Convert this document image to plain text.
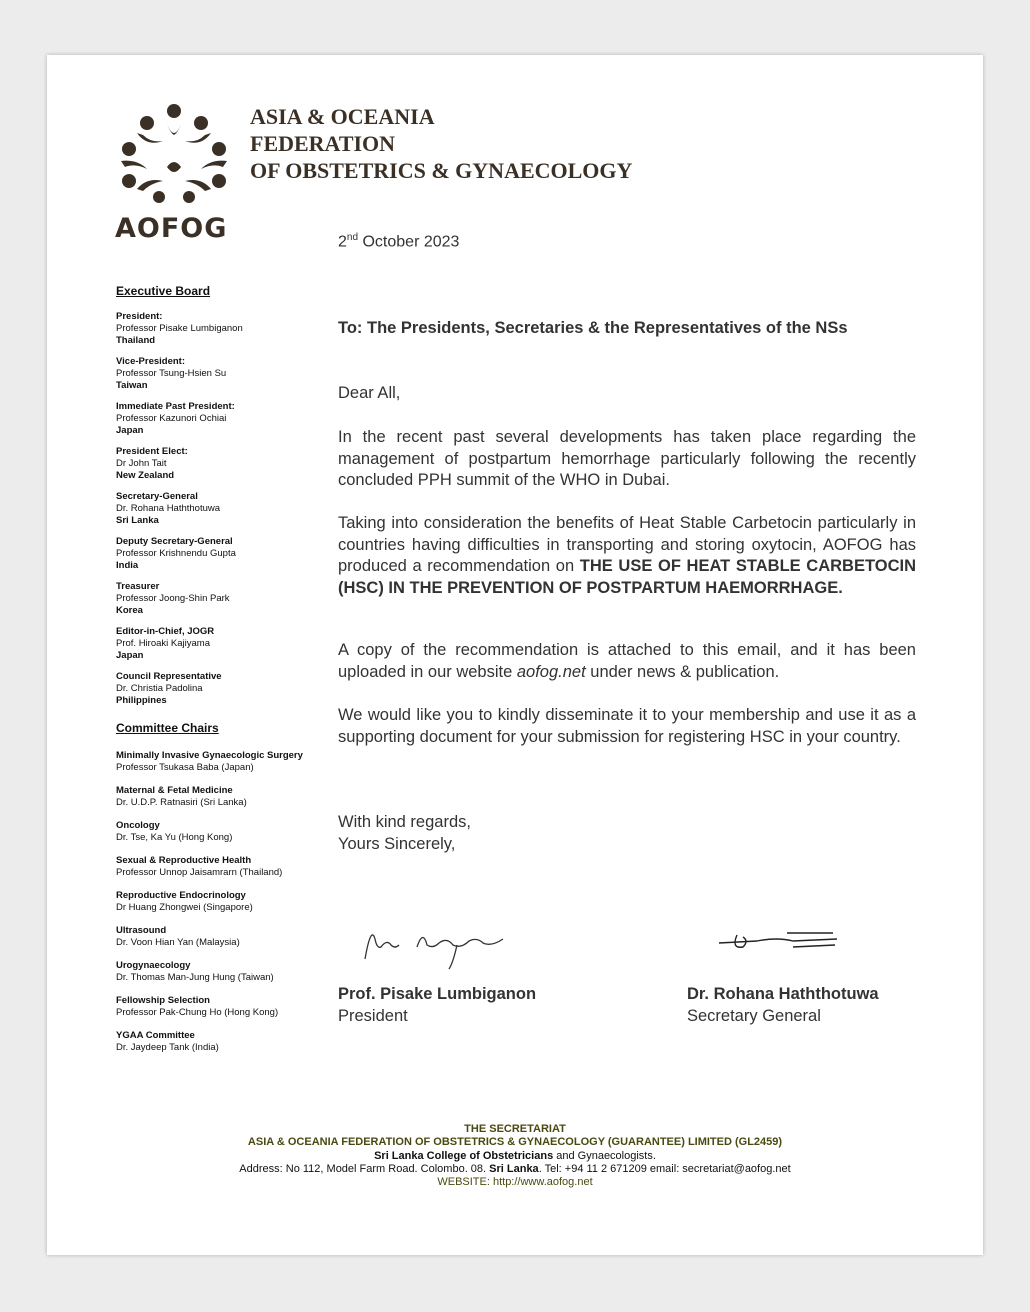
AOFOG
ASIA & OCEANIA
FEDERATION
OF OBSTETRICS & GYNAECOLOGY
2nd October 2023
Executive Board
President:
Professor Pisake Lumbiganon
Thailand
Vice-President:
Professor Tsung-Hsien Su
Taiwan
Immediate Past President:
Professor Kazunori Ochiai
Japan
President Elect:
Dr John Tait
New Zealand
Secretary-General
Dr. Rohana Haththotuwa
Sri Lanka
Deputy Secretary-General
Professor Krishnendu Gupta
India
Treasurer
Professor Joong-Shin Park
Korea
Editor-in-Chief, JOGR
Prof. Hiroaki Kajiyama
Japan
Council Representative
Dr. Christia Padolina
Philippines
Committee Chairs
Minimally Invasive Gynaecologic Surgery
Professor Tsukasa Baba (Japan)
Maternal & Fetal Medicine
Dr. U.D.P. Ratnasiri (Sri Lanka)
Oncology
Dr. Tse, Ka Yu (Hong Kong)
Sexual & Reproductive Health
Professor Unnop Jaisamrarn (Thailand)
Reproductive Endocrinology
Dr Huang Zhongwei (Singapore)
Ultrasound
Dr. Voon Hian Yan (Malaysia)
Urogynaecology
Dr. Thomas Man-Jung Hung (Taiwan)
Fellowship Selection
Professor Pak-Chung Ho (Hong Kong)
YGAA Committee
Dr. Jaydeep Tank (India)
To: The Presidents, Secretaries & the Representatives of the NSs
Dear All,
In the recent past several developments has taken place regarding the management of postpartum hemorrhage particularly following the recently concluded PPH summit of the WHO in Dubai.
Taking into consideration the benefits of Heat Stable Carbetocin particularly in countries having difficulties in transporting and storing oxytocin, AOFOG has produced a recommendation on THE USE OF HEAT STABLE CARBETOCIN (HSC) IN THE PREVENTION OF POSTPARTUM HAEMORRHAGE.
A copy of the recommendation is attached to this email, and it has been uploaded in our website aofog.net under news & publication.
We would like you to kindly disseminate it to your membership and use it as a supporting document for your submission for registering HSC in your country.
With kind regards,
Yours Sincerely,
Prof. Pisake Lumbiganon
President
Dr. Rohana Haththotuwa
Secretary General
THE SECRETARIAT
ASIA & OCEANIA FEDERATION OF OBSTETRICS & GYNAECOLOGY (GUARANTEE) LIMITED (GL2459)
Sri Lanka College of Obstetricians and Gynaecologists.
Address: No 112, Model Farm Road. Colombo. 08. Sri Lanka. Tel: +94 11 2 671209 email: secretariat@aofog.net
WEBSITE: http://www.aofog.net
